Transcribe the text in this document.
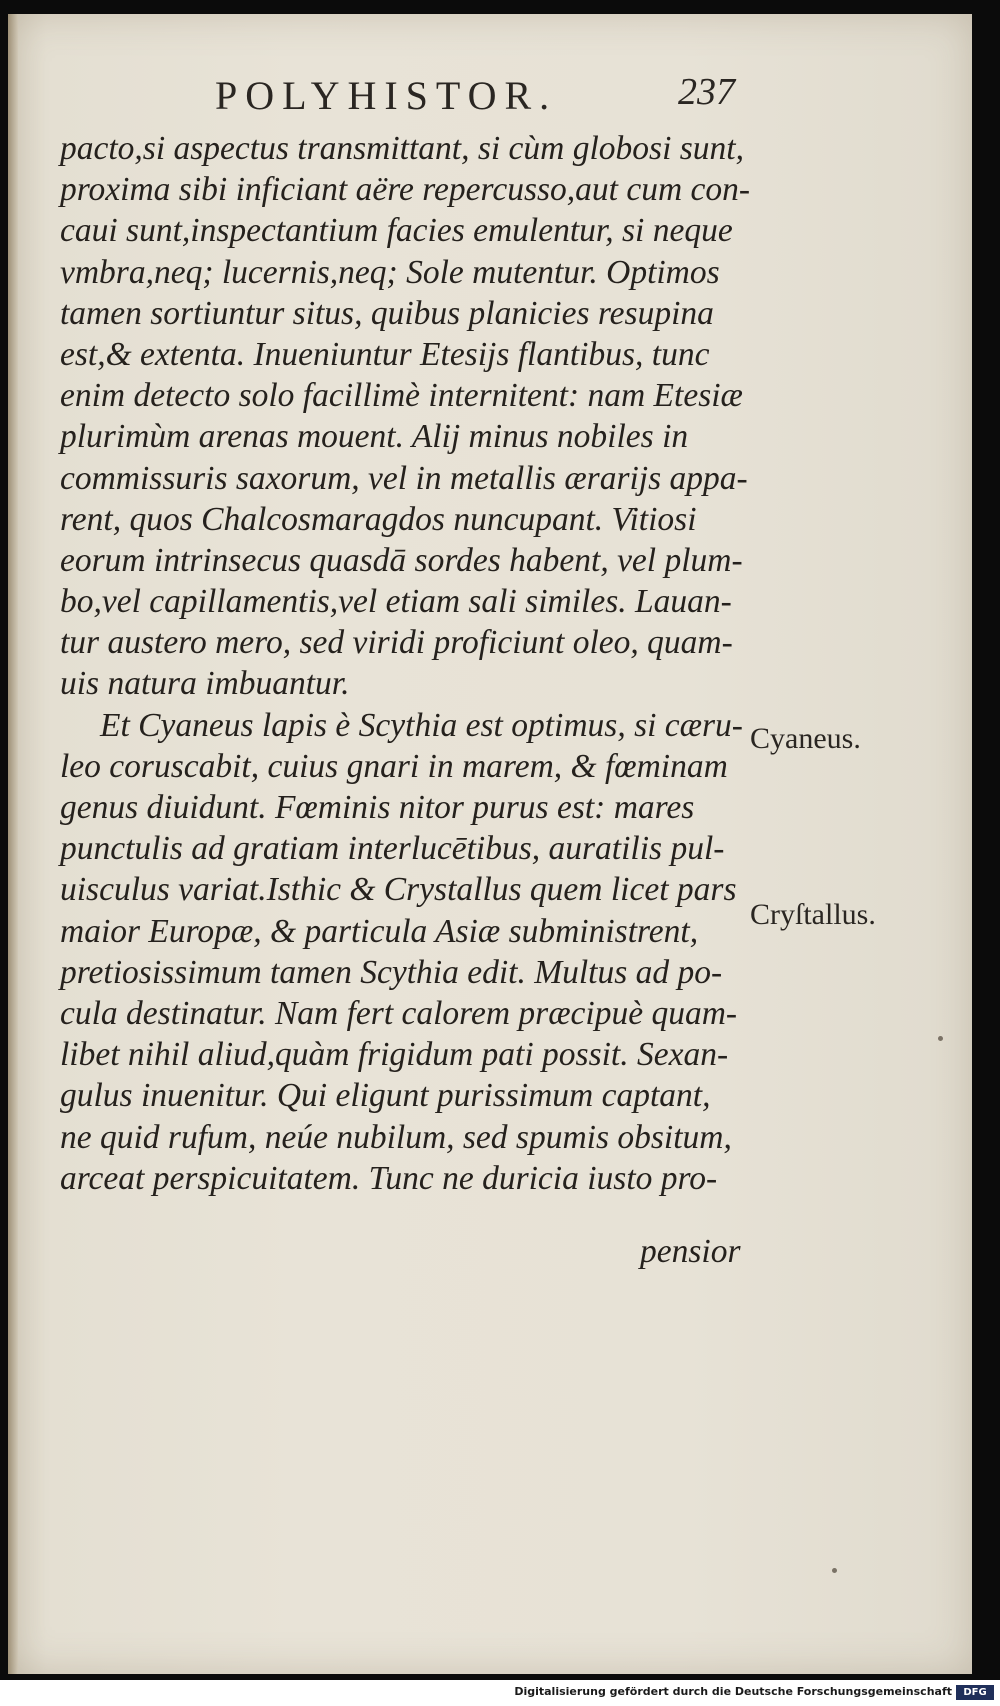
POLYHISTOR.	237
pacto,si aspectus transmittant, si cùm globosi sunt,
proxima sibi inficiant aëre repercusso,aut cum con-
caui sunt,inspectantium facies emulentur, si neque
vmbra,neq; lucernis,neq; Sole mutentur. Optimos
tamen sortiuntur situs, quibus planicies resupina
est,& extenta. Inueniuntur Etesijs flantibus, tunc
enim detecto solo facillimè internitent: nam Etesiæ
plurimùm arenas mouent. Alij minus nobiles in
commissuris saxorum, vel in metallis ærarijs appa-
rent, quos Chalcosmaragdos nuncupant. Vitiosi
eorum intrinsecus quasdā sordes habent, vel plum-
bo,vel capillamentis,vel etiam sali similes. Lauan-
tur austero mero, sed viridi proficiunt oleo, quam-
uis natura imbuantur.
Et Cyaneus lapis è Scythia est optimus, si cæru-
leo coruscabit, cuius gnari in marem, & fœminam
genus diuidunt. Fœminis nitor purus est: mares
punctulis ad gratiam interlucētibus, auratilis pul-
uisculus variat.Isthic & Crystallus quem licet pars
maior Europæ, & particula Asiæ subministrent,
pretiosissimum tamen Scythia edit. Multus ad po-
cula destinatur. Nam fert calorem præcipuè quam-
libet nihil aliud,quàm frigidum pati possit. Sexan-
gulus inuenitur. Qui eligunt purissimum captant,
ne quid rufum, neúe nubilum, sed spumis obsitum,
arceat perspicuitatem. Tunc ne duricia iusto pro-
pensior
Cyaneus.
Cryſtallus.
Digitalisierung gefördert durch die Deutsche Forschungsgemeinschaft	DFG
